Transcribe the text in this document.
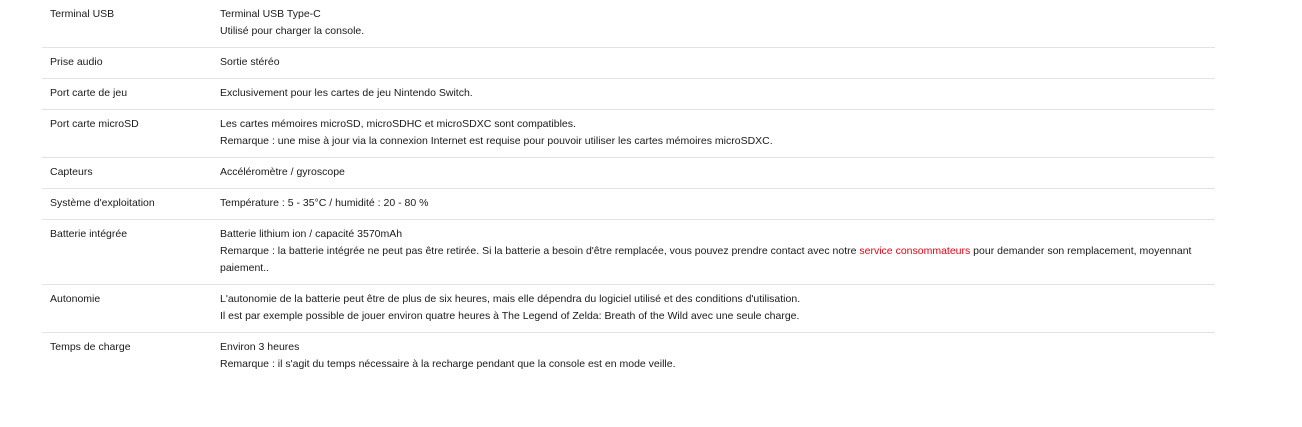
Terminal USB	Terminal USB Type-C
Utilisé pour charger la console.
Prise audio	Sortie stéréo
Port carte de jeu	Exclusivement pour les cartes de jeu Nintendo Switch.
Port carte microSD	Les cartes mémoires microSD, microSDHC et microSDXC sont compatibles.
Remarque : une mise à jour via la connexion Internet est requise pour pouvoir utiliser les cartes mémoires microSDXC.
Capteurs	Accéléromètre / gyroscope
Système d'exploitation	Température : 5 - 35°C / humidité : 20 - 80 %
Batterie intégrée	Batterie lithium ion / capacité 3570mAh
Remarque : la batterie intégrée ne peut pas être retirée. Si la batterie a besoin d'être remplacée, vous pouvez prendre contact avec notre service consommateurs pour demander son remplacement, moyennant paiement..
Autonomie	L'autonomie de la batterie peut être de plus de six heures, mais elle dépendra du logiciel utilisé et des conditions d'utilisation.
Il est par exemple possible de jouer environ quatre heures à The Legend of Zelda: Breath of the Wild avec une seule charge.
Temps de charge	Environ 3 heures
Remarque : il s'agit du temps nécessaire à la recharge pendant que la console est en mode veille.
